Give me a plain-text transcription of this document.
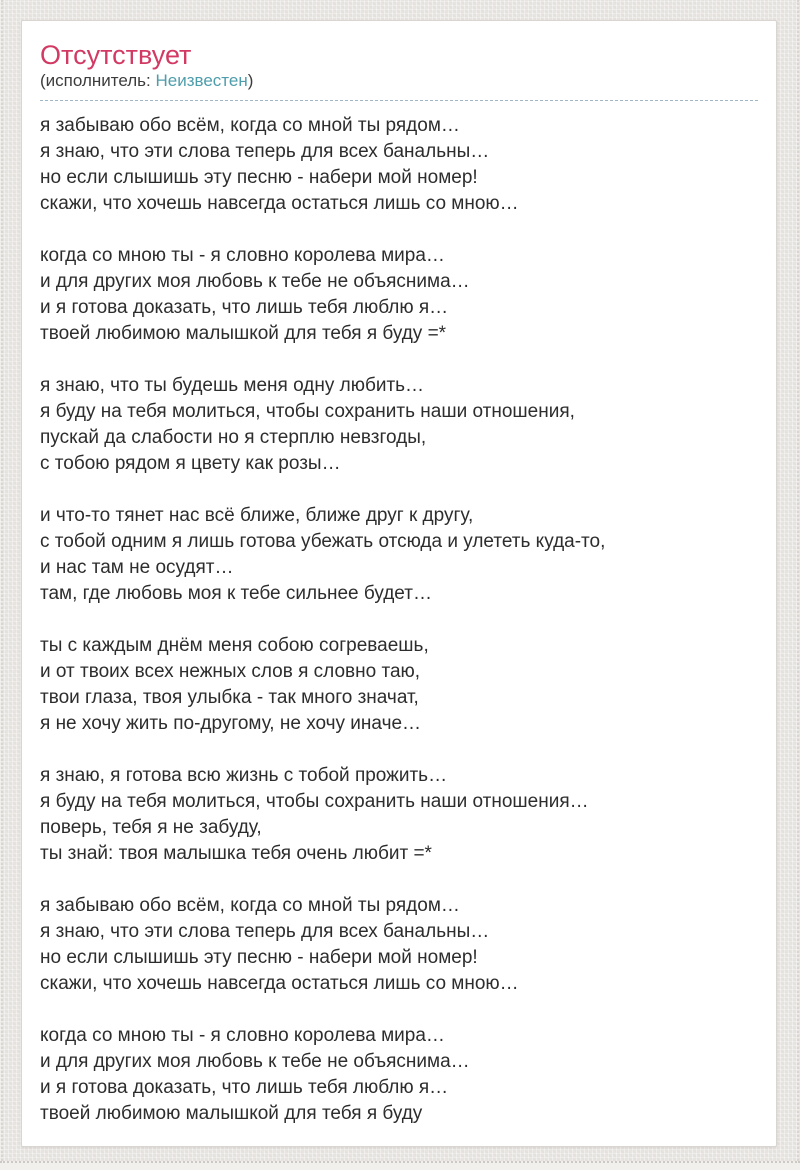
Отсутствует
(исполнитель: Неизвестен)

я забываю обо всём, когда со мной ты рядом…
я знаю, что эти слова теперь для всех банальны…
но если слышишь эту песню - набери мой номер!
скажи, что хочешь навсегда остаться лишь со мною…

когда со мною ты - я словно королева мира…
и для других моя любовь к тебе не объяснима…
и я готова доказать, что лишь тебя люблю я…
твоей любимою малышкой для тебя я буду =*

я знаю, что ты будешь меня одну любить…
я буду на тебя молиться, чтобы сохранить наши отношения,
пускай да слабости но я стерплю невзгоды,
с тобою рядом я цвету как розы…

и что-то тянет нас всё ближе, ближе друг к другу,
с тобой одним я лишь готова убежать отсюда и улететь куда-то,
и нас там не осудят…
там, где любовь моя к тебе сильнее будет…

ты с каждым днём меня собою согреваешь,
и от твоих всех нежных слов я словно таю,
твои глаза, твоя улыбка - так много значат,
я не хочу жить по-другому, не хочу иначе…

я знаю, я готова всю жизнь с тобой прожить…
я буду на тебя молиться, чтобы сохранить наши отношения…
поверь, тебя я не забуду,
ты знай: твоя малышка тебя очень любит =*

я забываю обо всём, когда со мной ты рядом…
я знаю, что эти слова теперь для всех банальны…
но если слышишь эту песню - набери мой номер!
скажи, что хочешь навсегда остаться лишь со мною…

когда со мною ты - я словно королева мира…
и для других моя любовь к тебе не объяснима…
и я готова доказать, что лишь тебя люблю я…
твоей любимою малышкой для тебя я буду
